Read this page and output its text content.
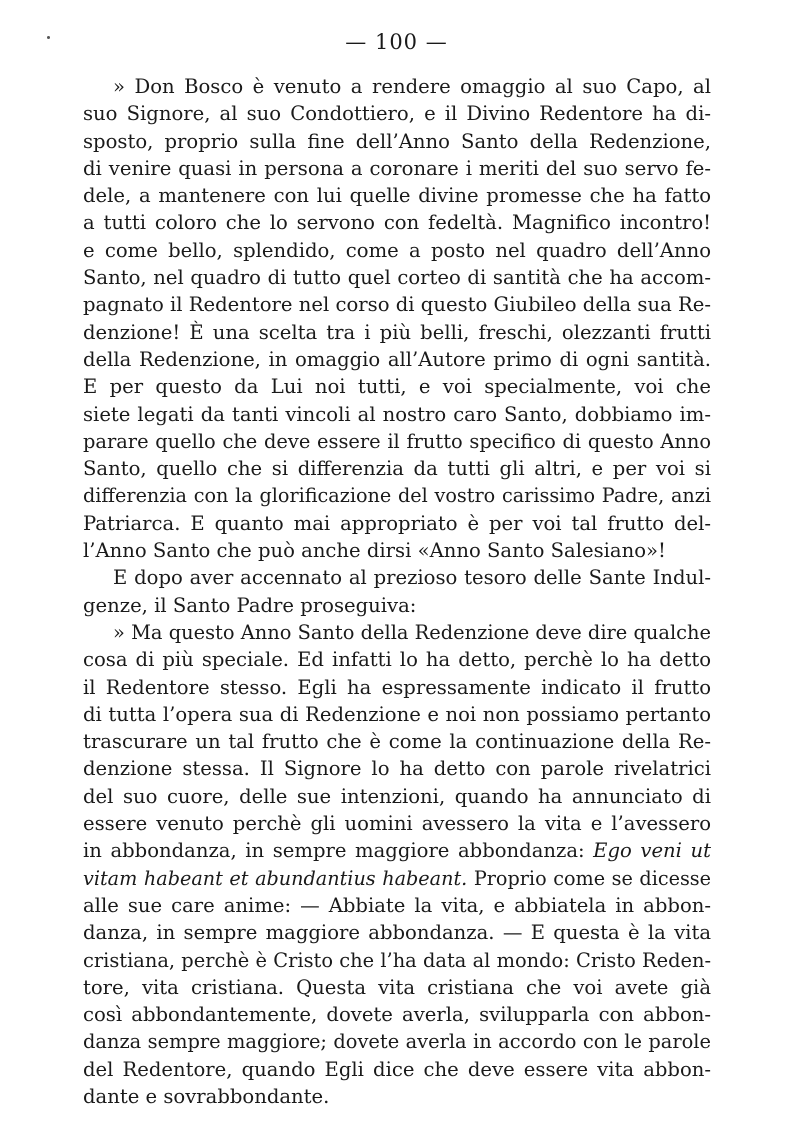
— 100 —
» Don Bosco è venuto a rendere omaggio al suo Capo, al
suo Signore, al suo Condottiero, e il Divino Redentore ha di-
sposto, proprio sulla fine dell’Anno Santo della Redenzione,
di venire quasi in persona a coronare i meriti del suo servo fe-
dele, a mantenere con lui quelle divine promesse che ha fatto
a tutti coloro che lo servono con fedeltà. Magnifico incontro!
e come bello, splendido, come a posto nel quadro dell’Anno
Santo, nel quadro di tutto quel corteo di santità che ha accom-
pagnato il Redentore nel corso di questo Giubileo della sua Re-
denzione! È una scelta tra i più belli, freschi, olezzanti frutti
della Redenzione, in omaggio all’Autore primo di ogni santità.
E per questo da Lui noi tutti, e voi specialmente, voi che
siete legati da tanti vincoli al nostro caro Santo, dobbiamo im-
parare quello che deve essere il frutto specifico di questo Anno
Santo, quello che si differenzia da tutti gli altri, e per voi si
differenzia con la glorificazione del vostro carissimo Padre, anzi
Patriarca. E quanto mai appropriato è per voi tal frutto del-
l’Anno Santo che può anche dirsi «Anno Santo Salesiano»!
E dopo aver accennato al prezioso tesoro delle Sante Indul-
genze, il Santo Padre proseguiva:
» Ma questo Anno Santo della Redenzione deve dire qualche
cosa di più speciale. Ed infatti lo ha detto, perchè lo ha detto
il Redentore stesso. Egli ha espressamente indicato il frutto
di tutta l’opera sua di Redenzione e noi non possiamo pertanto
trascurare un tal frutto che è come la continuazione della Re-
denzione stessa. Il Signore lo ha detto con parole rivelatrici
del suo cuore, delle sue intenzioni, quando ha annunciato di
essere venuto perchè gli uomini avessero la vita e l’avessero
in abbondanza, in sempre maggiore abbondanza: Ego veni ut
vitam habeant et abundantius habeant. Proprio come se dicesse
alle sue care anime: — Abbiate la vita, e abbiatela in abbon-
danza, in sempre maggiore abbondanza. — E questa è la vita
cristiana, perchè è Cristo che l’ha data al mondo: Cristo Reden-
tore, vita cristiana. Questa vita cristiana che voi avete già
così abbondantemente, dovete averla, svilupparla con abbon-
danza sempre maggiore; dovete averla in accordo con le parole
del Redentore, quando Egli dice che deve essere vita abbon-
dante e sovrabbondante.
